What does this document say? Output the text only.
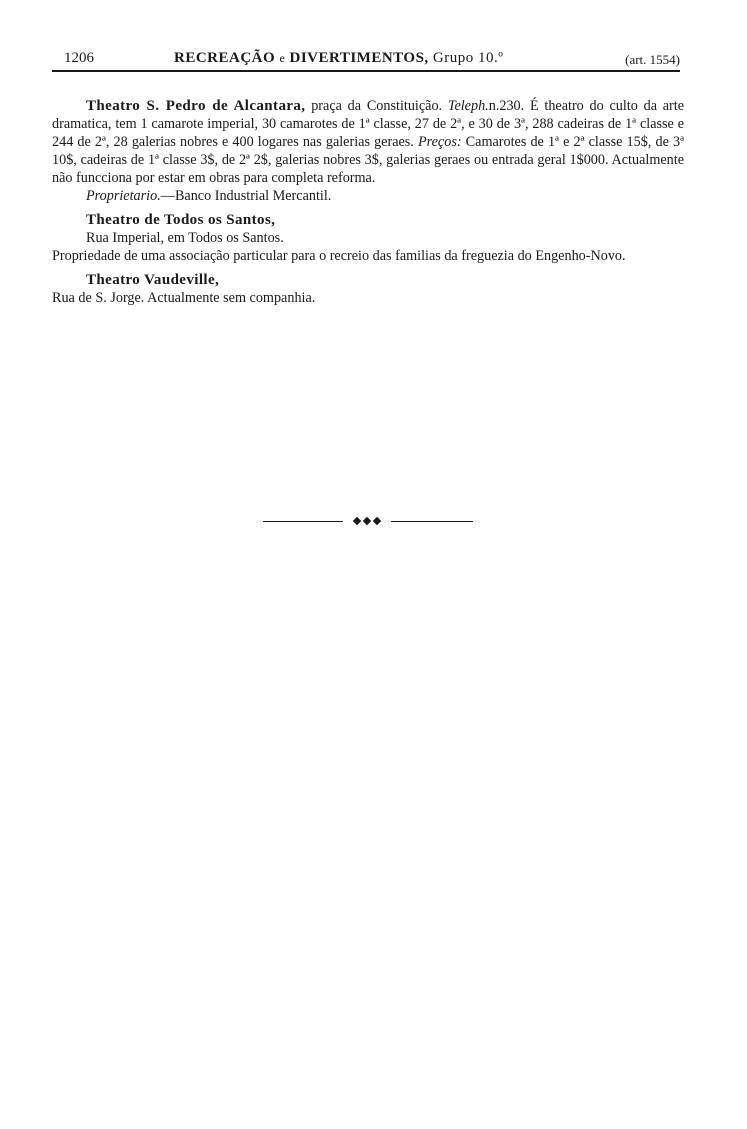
1206	RECREAÇÃO e DIVERTIMENTOS, Grupo 10.º	(art. 1554)

Theatro S. Pedro de Alcantara, praça da Constituição. Teleph.n.230. É theatro do culto da arte dramatica, tem 1 camarote imperial, 30 camarotes de 1ª classe, 27 de 2ª, e 30 de 3ª, 288 cadeiras de 1ª classe e 244 de 2ª, 28 galerias nobres e 400 logares nas galerias geraes. Preços: Camarotes de 1ª e 2ª classe 15$, de 3ª 10$, cadeiras de 1ª classe 3$, de 2ª 2$, galerias nobres 3$, galerias geraes ou entrada geral 1$000. Actualmente não funcciona por estar em obras para completa reforma.

Proprietario.—Banco Industrial Mercantil.

Theatro de Todos os Santos,

Rua Imperial, em Todos os Santos.

Propriedade de uma associação particular para o recreio das familias da freguezia do Engenho-Novo.

Theatro Vaudeville,

Rua de S. Jorge. Actualmente sem companhia.
